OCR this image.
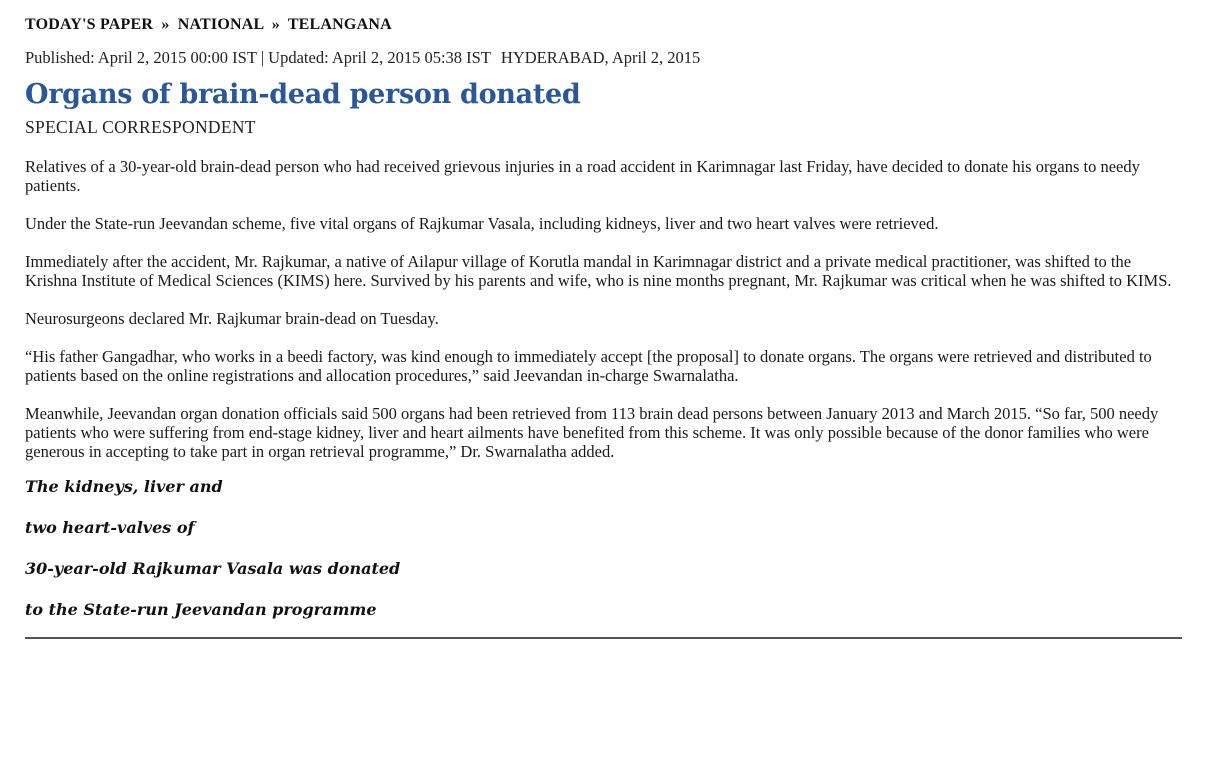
TODAY'S PAPER » NATIONAL » TELANGANA
Published: April 2, 2015 00:00 IST | Updated: April 2, 2015 05:38 IST HYDERABAD, April 2, 2015
Organs of brain-dead person donated
SPECIAL CORRESPONDENT

Relatives of a 30-year-old brain-dead person who had received grievous injuries in a road accident in Karimnagar last Friday, have decided to donate his organs to needy patients.

Under the State-run Jeevandan scheme, five vital organs of Rajkumar Vasala, including kidneys, liver and two heart valves were retrieved.

Immediately after the accident, Mr. Rajkumar, a native of Ailapur village of Korutla mandal in Karimnagar district and a private medical practitioner, was shifted to the Krishna Institute of Medical Sciences (KIMS) here. Survived by his parents and wife, who is nine months pregnant, Mr. Rajkumar was critical when he was shifted to KIMS.

Neurosurgeons declared Mr. Rajkumar brain-dead on Tuesday.

“His father Gangadhar, who works in a beedi factory, was kind enough to immediately accept [the proposal] to donate organs. The organs were retrieved and distributed to patients based on the online registrations and allocation procedures,” said Jeevandan in-charge Swarnalatha.

Meanwhile, Jeevandan organ donation officials said 500 organs had been retrieved from 113 brain dead persons between January 2013 and March 2015. “So far, 500 needy patients who were suffering from end-stage kidney, liver and heart ailments have benefited from this scheme. It was only possible because of the donor families who were generous in accepting to take part in organ retrieval programme,” Dr. Swarnalatha added.

The kidneys, liver and

two heart-valves of

30-year-old Rajkumar Vasala was donated

to the State-run Jeevandan programme
